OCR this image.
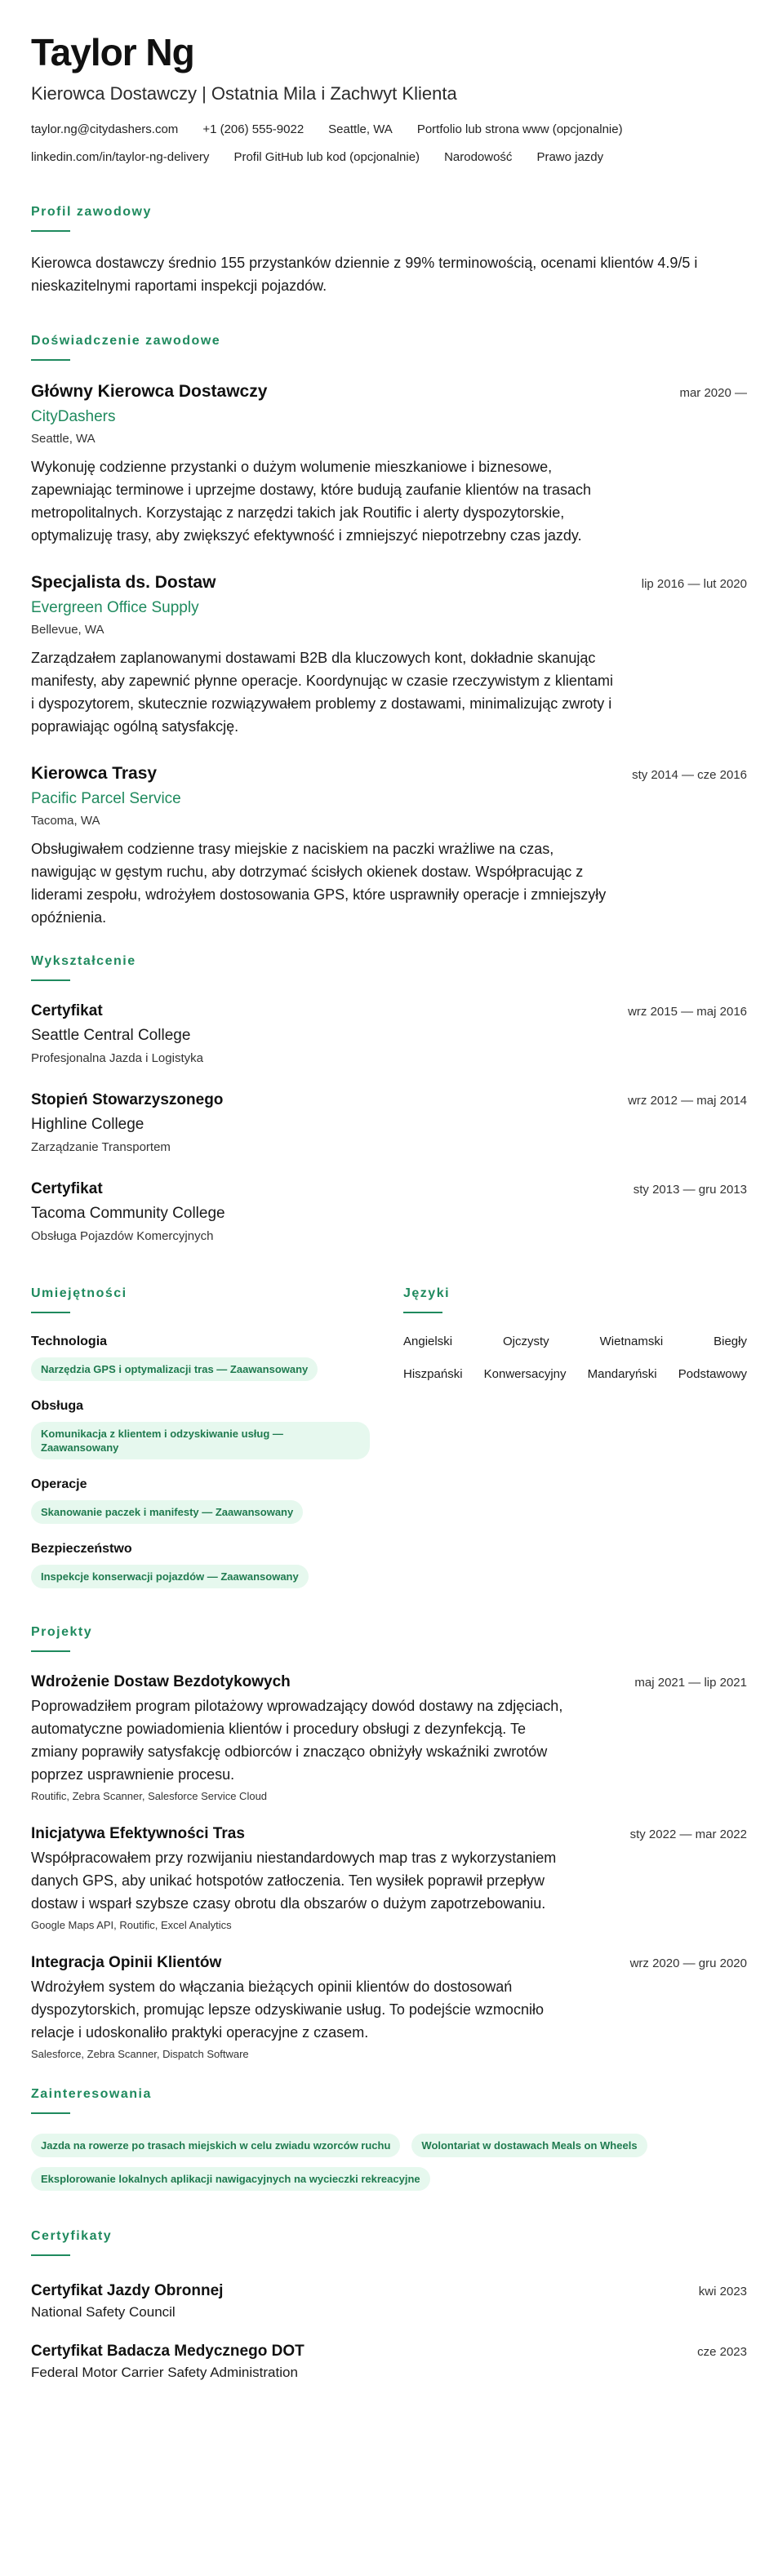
Taylor Ng
Kierowca Dostawczy | Ostatnia Mila i Zachwyt Klienta
taylor.ng@citydashers.com +1 (206) 555-9022 Seattle, WA Portfolio lub strona www (opcjonalnie)
linkedin.com/in/taylor-ng-delivery Profil GitHub lub kod (opcjonalnie) Narodowość Prawo jazdy
Profil zawodowy

Kierowca dostawczy średnio 155 przystanków dziennie z 99% terminowością, ocenami klientów 4.9/5 i nieskazitelnymi raportami inspekcji pojazdów.

Doświadczenie zawodowe
Główny Kierowca Dostawczy	mar 2020 —
CityDashers
Seattle, WA

Wykonuję codzienne przystanki o dużym wolumenie mieszkaniowe i biznesowe, zapewniając terminowe i uprzejme dostawy, które budują zaufanie klientów na trasach metropolitalnych. Korzystając z narzędzi takich jak Routific i alerty dyspozytorskie, optymalizuję trasy, aby zwiększyć efektywność i zmniejszyć niepotrzebny czas jazdy.

Specjalista ds. Dostaw	lip 2016 — lut 2020
Evergreen Office Supply
Bellevue, WA

Zarządzałem zaplanowanymi dostawami B2B dla kluczowych kont, dokładnie skanując manifesty, aby zapewnić płynne operacje. Koordynując w czasie rzeczywistym z klientami i dyspozytorem, skutecznie rozwiązywałem problemy z dostawami, minimalizując zwroty i poprawiając ogólną satysfakcję.

Kierowca Trasy	sty 2014 — cze 2016
Pacific Parcel Service
Tacoma, WA

Obsługiwałem codzienne trasy miejskie z naciskiem na paczki wrażliwe na czas, nawigując w gęstym ruchu, aby dotrzymać ścisłych okienek dostaw. Współpracując z liderami zespołu, wdrożyłem dostosowania GPS, które usprawniły operacje i zmniejszyły opóźnienia.

Wykształcenie
Certyfikat	wrz 2015 — maj 2016
Seattle Central College
Profesjonalna Jazda i Logistyka
Stopień Stowarzyszonego	wrz 2012 — maj 2014
Highline College
Zarządzanie Transportem
Certyfikat	sty 2013 — gru 2013
Tacoma Community College
Obsługa Pojazdów Komercyjnych
Umiejętności
Technologia
Narzędzia GPS i optymalizacji tras — Zaawansowany
Obsługa
Komunikacja z klientem i odzyskiwanie usług — Zaawansowany
Operacje
Skanowanie paczek i manifesty — Zaawansowany
Bezpieczeństwo
Inspekcje konserwacji pojazdów — Zaawansowany
Języki
Angielski	Ojczysty	Wietnamski	Biegły
Hiszpański Konwersacyjny Mandaryński Podstawowy
Projekty
Wdrożenie Dostaw Bezdotykowych	maj 2021 — lip 2021

Poprowadziłem program pilotażowy wprowadzający dowód dostawy na zdjęciach, automatyczne powiadomienia klientów i procedury obsługi z dezynfekcją. Te zmiany poprawiły satysfakcję odbiorców i znacząco obniżyły wskaźniki zwrotów poprzez usprawnienie procesu.

Routific, Zebra Scanner, Salesforce Service Cloud
Inicjatywa Efektywności Tras	sty 2022 — mar 2022

Współpracowałem przy rozwijaniu niestandardowych map tras z wykorzystaniem danych GPS, aby unikać hotspotów zatłoczenia. Ten wysiłek poprawił przepływ dostaw i wsparł szybsze czasy obrotu dla obszarów o dużym zapotrzebowaniu.

Google Maps API, Routific, Excel Analytics
Integracja Opinii Klientów	wrz 2020 — gru 2020

Wdrożyłem system do włączania bieżących opinii klientów do dostosowań dyspozytorskich, promując lepsze odzyskiwanie usług. To podejście wzmocniło relacje i udoskonaliło praktyki operacyjne z czasem.

Salesforce, Zebra Scanner, Dispatch Software
Zainteresowania
Jazda na rowerze po trasach miejskich w celu zwiadu wzorców ruchu	Wolontariat w dostawach Meals on Wheels
Eksplorowanie lokalnych aplikacji nawigacyjnych na wycieczki rekreacyjne
Certyfikaty
Certyfikat Jazdy Obronnej	kwi 2023
National Safety Council
Certyfikat Badacza Medycznego DOT	cze 2023
Federal Motor Carrier Safety Administration
